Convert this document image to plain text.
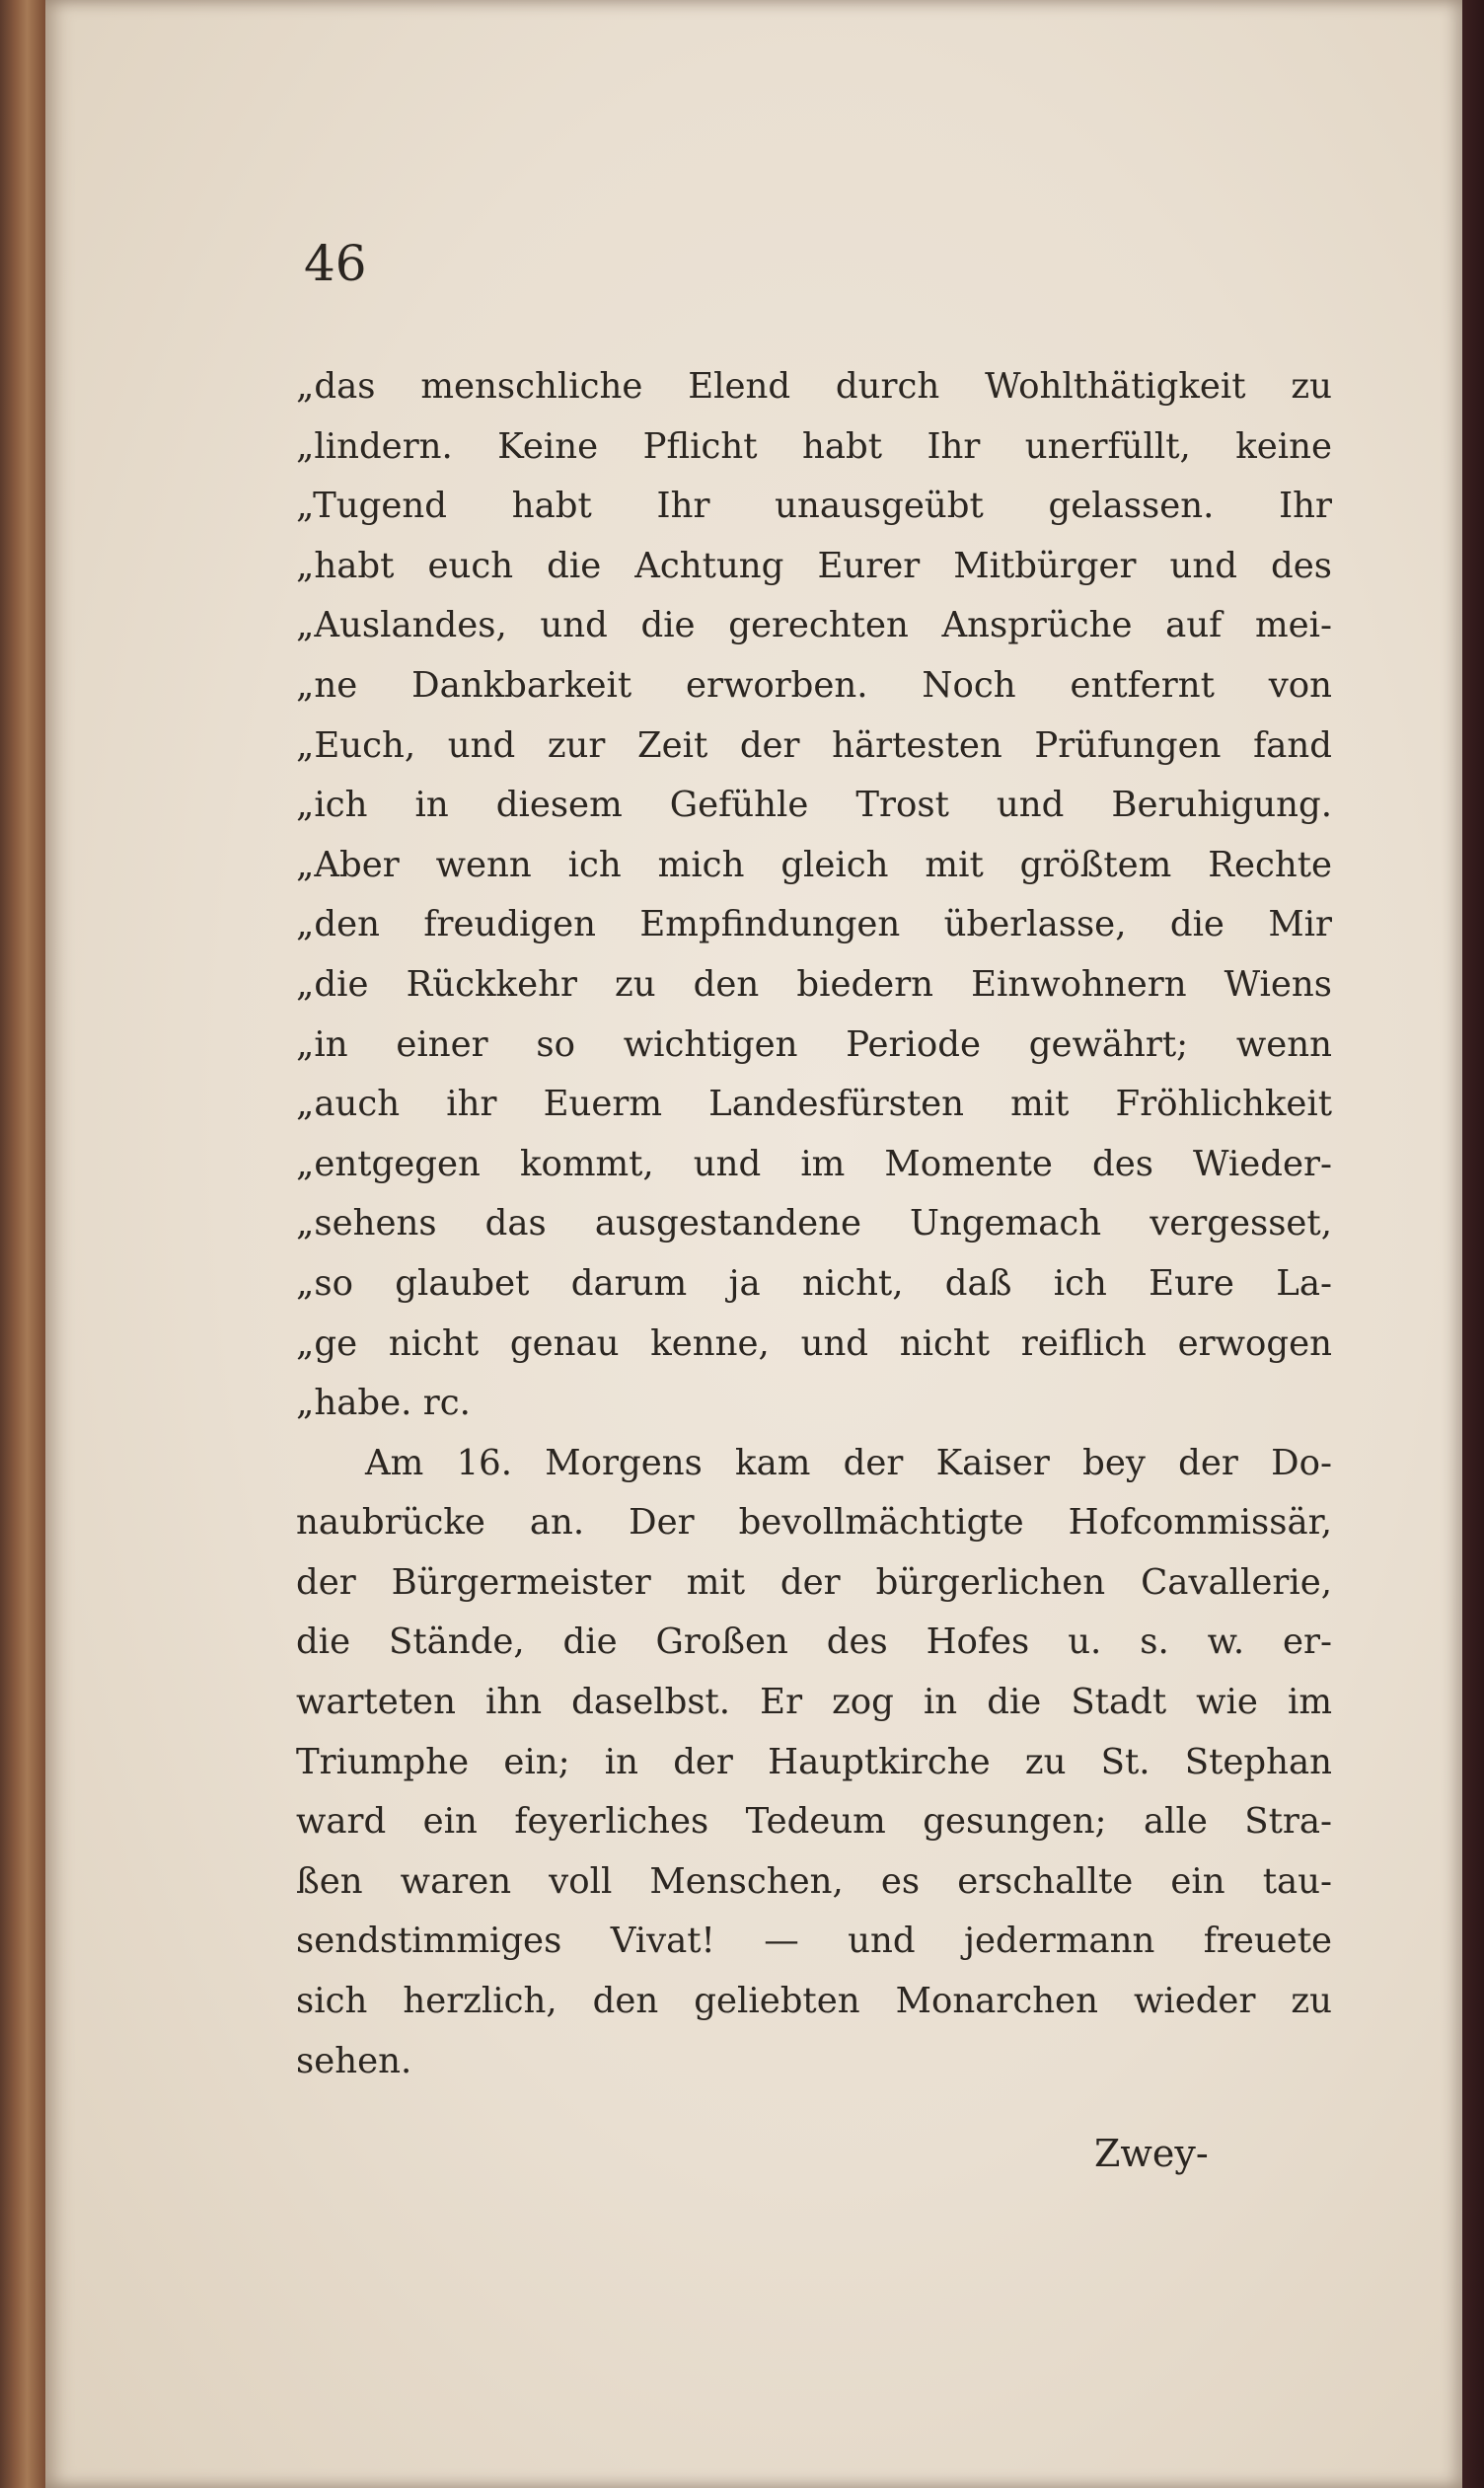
46
„das menschliche Elend durch Wohlthätigkeit zu
„lindern. Keine Pflicht habt Ihr unerfüllt, keine
„Tugend habt Ihr unausgeübt gelassen. Ihr
„habt euch die Achtung Eurer Mitbürger und des
„Auslandes, und die gerechten Ansprüche auf mei-
„ne Dankbarkeit erworben. Noch entfernt von
„Euch, und zur Zeit der härtesten Prüfungen fand
„ich in diesem Gefühle Trost und Beruhigung.
„Aber wenn ich mich gleich mit größtem Rechte
„den freudigen Empfindungen überlasse, die Mir
„die Rückkehr zu den biedern Einwohnern Wiens
„in einer so wichtigen Periode gewährt; wenn
„auch ihr Euerm Landesfürsten mit Fröhlichkeit
„entgegen kommt, und im Momente des Wieder-
„sehens das ausgestandene Ungemach vergesset,
„so glaubet darum ja nicht, daß ich Eure La-
„ge nicht genau kenne, und nicht reiflich erwogen
„habe. rc.
Am 16. Morgens kam der Kaiser bey der Do-
naubrücke an. Der bevollmächtigte Hofcommissär,
der Bürgermeister mit der bürgerlichen Cavallerie,
die Stände, die Großen des Hofes u. s. w. er-
warteten ihn daselbst. Er zog in die Stadt wie im
Triumphe ein; in der Hauptkirche zu St. Stephan
ward ein feyerliches Tedeum gesungen; alle Stra-
ßen waren voll Menschen, es erschallte ein tau-
sendstimmiges Vivat! — und jedermann freuete
sich herzlich, den geliebten Monarchen wieder zu
sehen.
Zwey-
